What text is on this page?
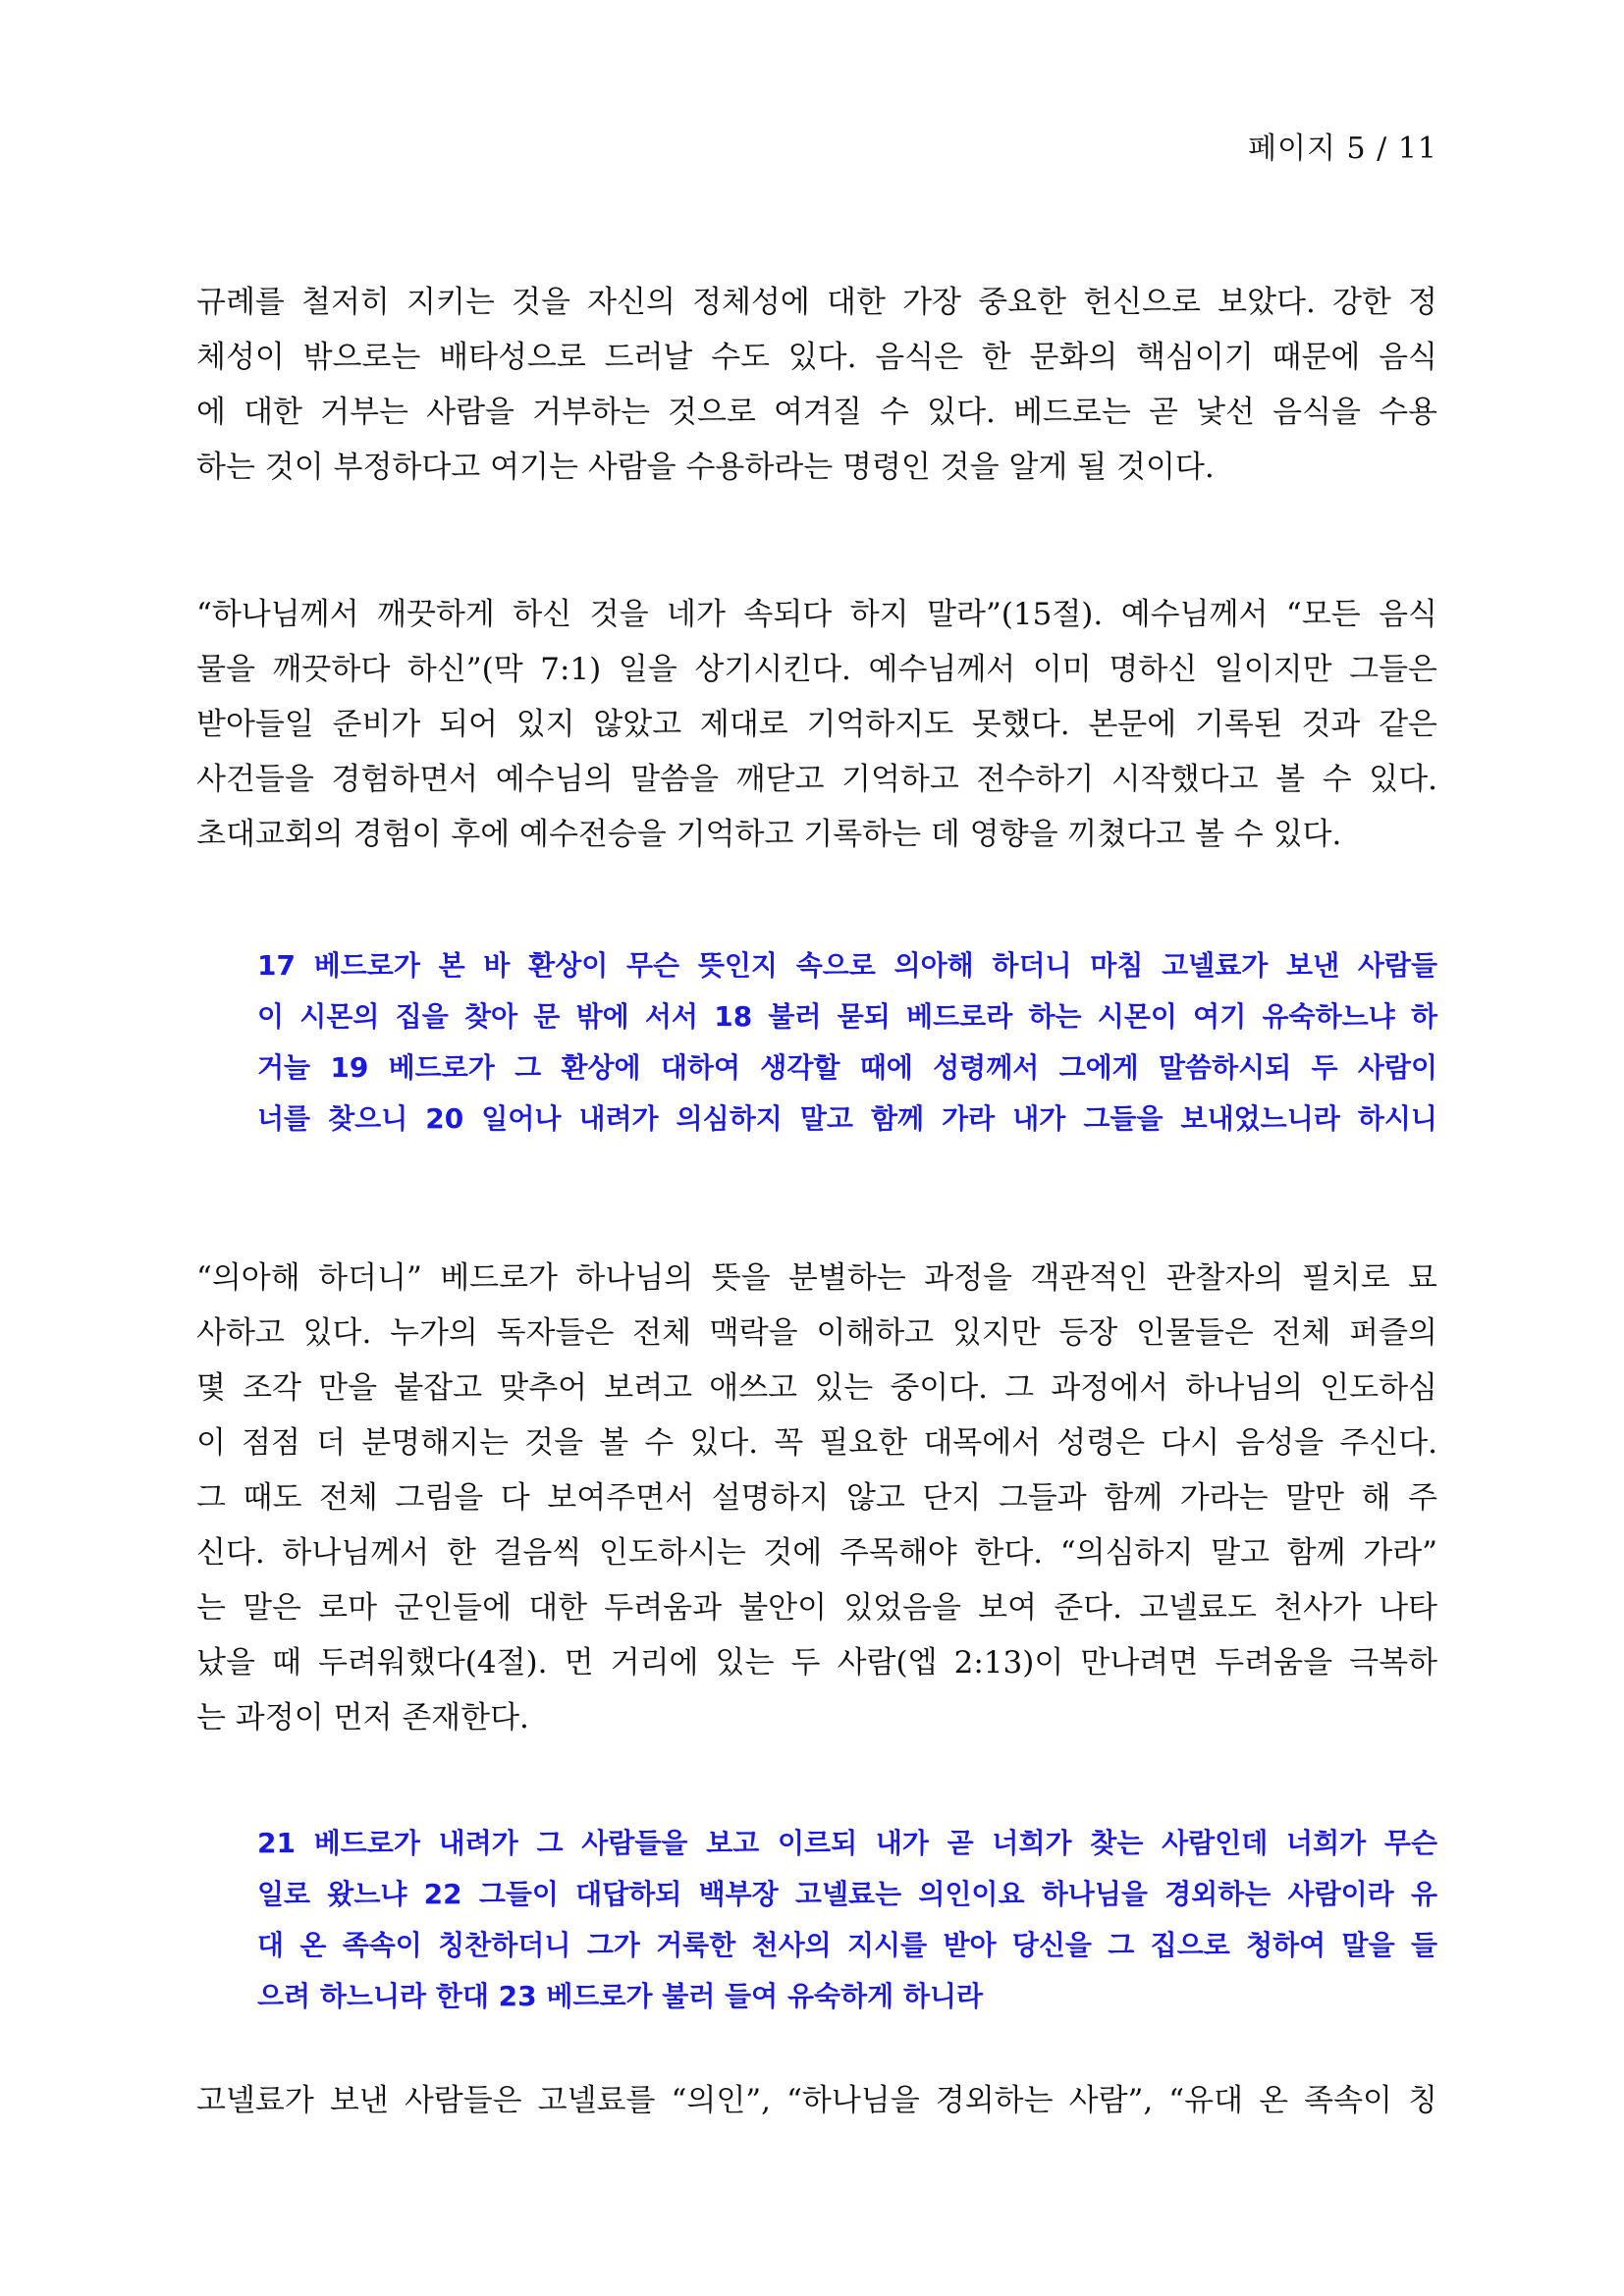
페이지 5 / 11
규례를 철저히 지키는 것을 자신의 정체성에 대한 가장 중요한 헌신으로 보았다. 강한 정
체성이 밖으로는 배타성으로 드러날 수도 있다. 음식은 한 문화의 핵심이기 때문에 음식
에 대한 거부는 사람을 거부하는 것으로 여겨질 수 있다. 베드로는 곧 낯선 음식을 수용
하는 것이 부정하다고 여기는 사람을 수용하라는 명령인 것을 알게 될 것이다.
“하나님께서 깨끗하게 하신 것을 네가 속되다 하지 말라”(15절). 예수님께서 “모든 음식
물을 깨끗하다 하신”(막 7:1) 일을 상기시킨다. 예수님께서 이미 명하신 일이지만 그들은
받아들일 준비가 되어 있지 않았고 제대로 기억하지도 못했다. 본문에 기록된 것과 같은
사건들을 경험하면서 예수님의 말씀을 깨닫고 기억하고 전수하기 시작했다고 볼 수 있다.
초대교회의 경험이 후에 예수전승을 기억하고 기록하는 데 영향을 끼쳤다고 볼 수 있다.
17 베드로가 본 바 환상이 무슨 뜻인지 속으로 의아해 하더니 마침 고넬료가 보낸 사람들
이 시몬의 집을 찾아 문 밖에 서서 18 불러 묻되 베드로라 하는 시몬이 여기 유숙하느냐 하
거늘 19 베드로가 그 환상에 대하여 생각할 때에 성령께서 그에게 말씀하시되 두 사람이
너를 찾으니 20 일어나 내려가 의심하지 말고 함께 가라 내가 그들을 보내었느니라 하시니
“의아해 하더니” 베드로가 하나님의 뜻을 분별하는 과정을 객관적인 관찰자의 필치로 묘
사하고 있다. 누가의 독자들은 전체 맥락을 이해하고 있지만 등장 인물들은 전체 퍼즐의
몇 조각 만을 붙잡고 맞추어 보려고 애쓰고 있는 중이다. 그 과정에서 하나님의 인도하심
이 점점 더 분명해지는 것을 볼 수 있다. 꼭 필요한 대목에서 성령은 다시 음성을 주신다.
그 때도 전체 그림을 다 보여주면서 설명하지 않고 단지 그들과 함께 가라는 말만 해 주
신다. 하나님께서 한 걸음씩 인도하시는 것에 주목해야 한다. “의심하지 말고 함께 가라”
는 말은 로마 군인들에 대한 두려움과 불안이 있었음을 보여 준다. 고넬료도 천사가 나타
났을 때 두려워했다(4절). 먼 거리에 있는 두 사람(엡 2:13)이 만나려면 두려움을 극복하
는 과정이 먼저 존재한다.
21 베드로가 내려가 그 사람들을 보고 이르되 내가 곧 너희가 찾는 사람인데 너희가 무슨
일로 왔느냐 22 그들이 대답하되 백부장 고넬료는 의인이요 하나님을 경외하는 사람이라 유
대 온 족속이 칭찬하더니 그가 거룩한 천사의 지시를 받아 당신을 그 집으로 청하여 말을 들
으려 하느니라 한대 23 베드로가 불러 들여 유숙하게 하니라
고넬료가 보낸 사람들은 고넬료를 “의인”, “하나님을 경외하는 사람”, “유대 온 족속이 칭
